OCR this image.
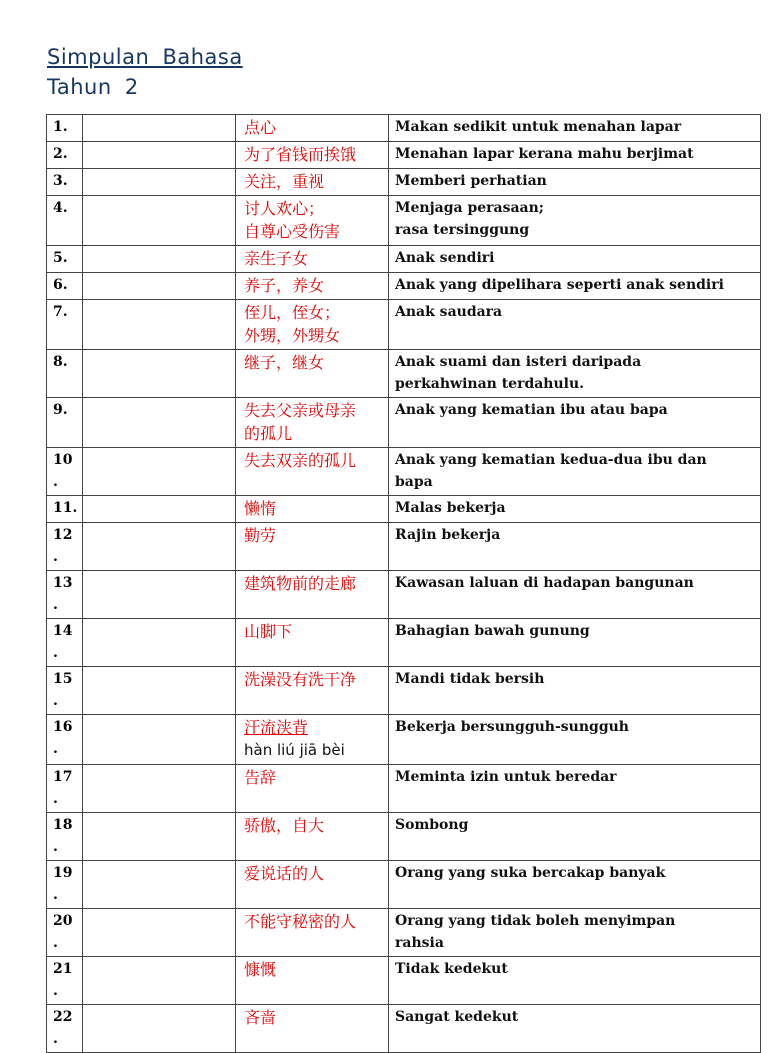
Simpulan Bahasa
Tahun 2
1.		点心	Makan sedikit untuk menahan lapar

2.		为了省钱而挨饿	Menahan lapar kerana mahu berjimat

3.		关注，重视	Memberi perhatian

4.		讨人欢心；
自尊心受伤害	Menjaga perasaan;
rasa tersinggung

5.		亲生子女	Anak sendiri

6.		养子，养女	Anak yang dipelihara seperti anak sendiri

7.		侄儿，侄女；
外甥，外甥女	Anak saudara

8.		继子，继女	Anak suami dan isteri daripada
perkahwinan terdahulu.

9.		失去父亲或母亲
的孤儿	Anak yang kematian ibu atau bapa

10
.		失去双亲的孤儿	Anak yang kematian kedua-dua ibu dan
bapa

11.		懒惰	Malas bekerja

12
.		勤劳	Rajin bekerja

13
.		建筑物前的走廊	Kawasan laluan di hadapan bangunan

14
.		山脚下	Bahagian bawah gunung

15
.		洗澡没有洗干净	Mandi tidak bersih

16
.		汗流浃背
hàn liú jiā bèi	Bekerja bersungguh-sungguh

17
.		告辞	Meminta izin untuk beredar

18
.		骄傲，自大	Sombong

19
.		爱说话的人	Orang yang suka bercakap banyak

20
.		不能守秘密的人	Orang yang tidak boleh menyimpan
rahsia

21
.		慷慨	Tidak kedekut

22
.		吝啬	Sangat kedekut
